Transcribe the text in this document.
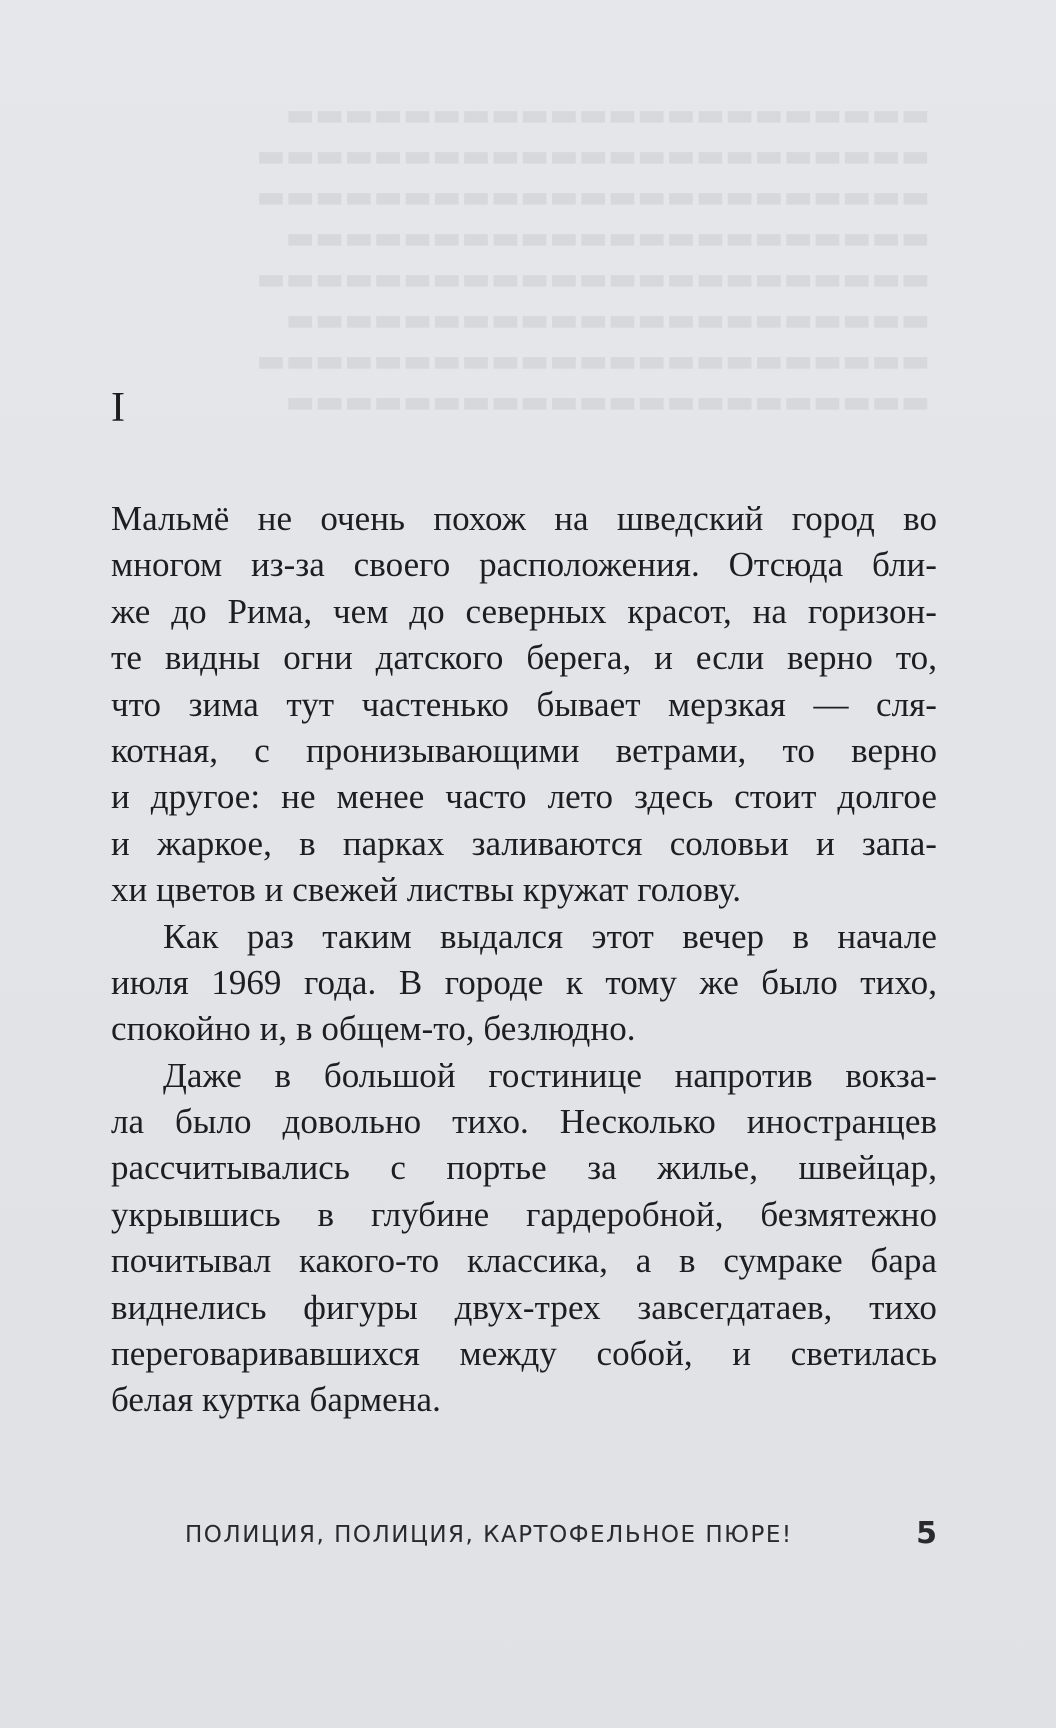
▬▬▬▬▬▬▬▬▬▬▬▬▬▬▬▬▬▬▬▬▬▬
▬▬▬▬▬▬▬▬▬▬▬▬▬▬▬▬▬▬▬▬▬▬▬
▬▬▬▬▬▬▬▬▬▬▬▬▬▬▬▬▬▬▬▬▬▬▬
▬▬▬▬▬▬▬▬▬▬▬▬▬▬▬▬▬▬▬▬▬▬
▬▬▬▬▬▬▬▬▬▬▬▬▬▬▬▬▬▬▬▬▬▬▬
▬▬▬▬▬▬▬▬▬▬▬▬▬▬▬▬▬▬▬▬▬▬
▬▬▬▬▬▬▬▬▬▬▬▬▬▬▬▬▬▬▬▬▬▬▬
▬▬▬▬▬▬▬▬▬▬▬▬▬▬▬▬▬▬▬▬▬▬
I

Мальмё не очень похож на шведский город во
многом из-за своего расположения. Отсюда бли-
же до Рима, чем до северных красот, на горизон-
те видны огни датского берега, и если верно то,
что зима тут частенько бывает мерзкая — сля-
котная, с пронизывающими ветрами, то верно
и другое: не менее часто лето здесь стоит долгое
и жаркое, в парках заливаются соловьи и запа-
хи цветов и свежей листвы кружат голову.

Как раз таким выдался этот вечер в начале
июля 1969 года. В городе к тому же было тихо,
спокойно и, в общем-то, безлюдно.

Даже в большой гостинице напротив вокза-
ла было довольно тихо. Несколько иностранцев
рассчитывались с портье за жилье, швейцар,
укрывшись в глубине гардеробной, безмятежно
почитывал какого-то классика, а в сумраке бара
виднелись фигуры двух-трех завсегдатаев, тихо
переговаривавшихся между собой, и светилась
белая куртка бармена.

ПОЛИЦИЯ, ПОЛИЦИЯ, КАРТОФЕЛЬНОЕ ПЮРЕ!	5
